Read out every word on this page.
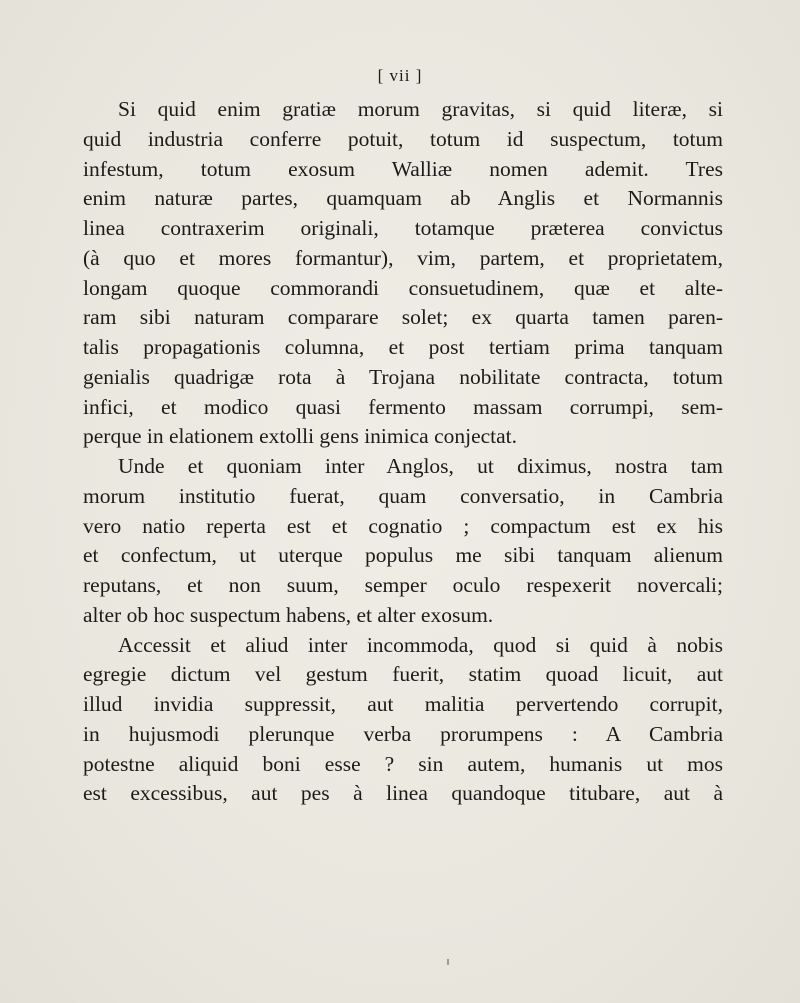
[ vii ]
Si quid enim gratiæ morum gravitas, si quid literæ, si
quid industria conferre potuit, totum id suspectum, totum
infestum, totum exosum Walliæ nomen ademit. Tres
enim naturæ partes, quamquam ab Anglis et Normannis
linea contraxerim originali, totamque præterea convictus
(à quo et mores formantur), vim, partem, et proprietatem,
longam quoque commorandi consuetudinem, quæ et alte-
ram sibi naturam comparare solet; ex quarta tamen paren-
talis propagationis columna, et post tertiam prima tanquam
genialis quadrigæ rota à Trojana nobilitate contracta, totum
infici, et modico quasi fermento massam corrumpi, sem-
perque in elationem extolli gens inimica conjectat.
Unde et quoniam inter Anglos, ut diximus, nostra tam
morum institutio fuerat, quam conversatio, in Cambria
vero natio reperta est et cognatio ; compactum est ex his
et confectum, ut uterque populus me sibi tanquam alienum
reputans, et non suum, semper oculo respexerit novercali;
alter ob hoc suspectum habens, et alter exosum.
Accessit et aliud inter incommoda, quod si quid à nobis
egregie dictum vel gestum fuerit, statim quoad licuit, aut
illud invidia suppressit, aut malitia pervertendo corrupit,
in hujusmodi plerunque verba prorumpens : A Cambria
potestne aliquid boni esse ? sin autem, humanis ut mos
est excessibus, aut pes à linea quandoque titubare, aut à
